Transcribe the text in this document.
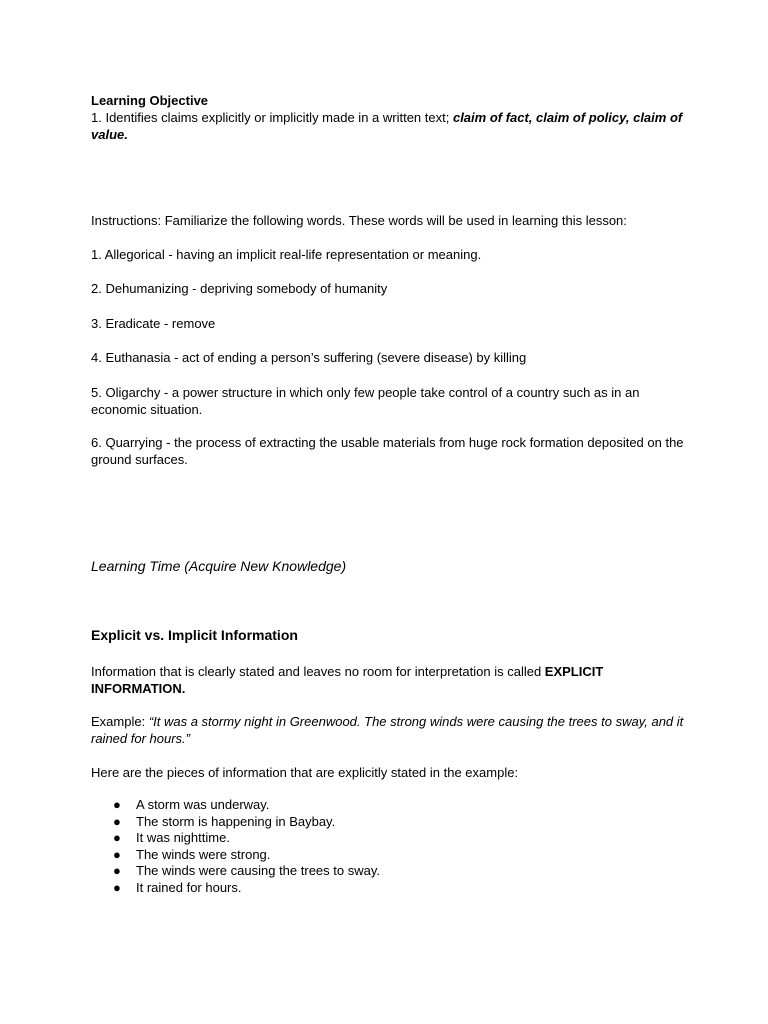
Learning Objective
1. Identifies claims explicitly or implicitly made in a written text; claim of fact, claim of policy, claim of value.
Instructions: Familiarize the following words. These words will be used in learning this lesson:
1. Allegorical - having an implicit real-life representation or meaning.
2. Dehumanizing - depriving somebody of humanity
3. Eradicate - remove
4. Euthanasia - act of ending a person’s suffering (severe disease) by killing
5. Oligarchy - a power structure in which only few people take control of a country such as in an economic situation.
6. Quarrying - the process of extracting the usable materials from huge rock formation deposited on the ground surfaces.
Learning Time (Acquire New Knowledge)
Explicit vs. Implicit Information
Information that is clearly stated and leaves no room for interpretation is called EXPLICIT INFORMATION.
Example: “It was a stormy night in Greenwood. The strong winds were causing the trees to sway, and it rained for hours.”
Here are the pieces of information that are explicitly stated in the example:
● A storm was underway.
● The storm is happening in Baybay.
● It was nighttime.
● The winds were strong.
● The winds were causing the trees to sway.
● It rained for hours.
